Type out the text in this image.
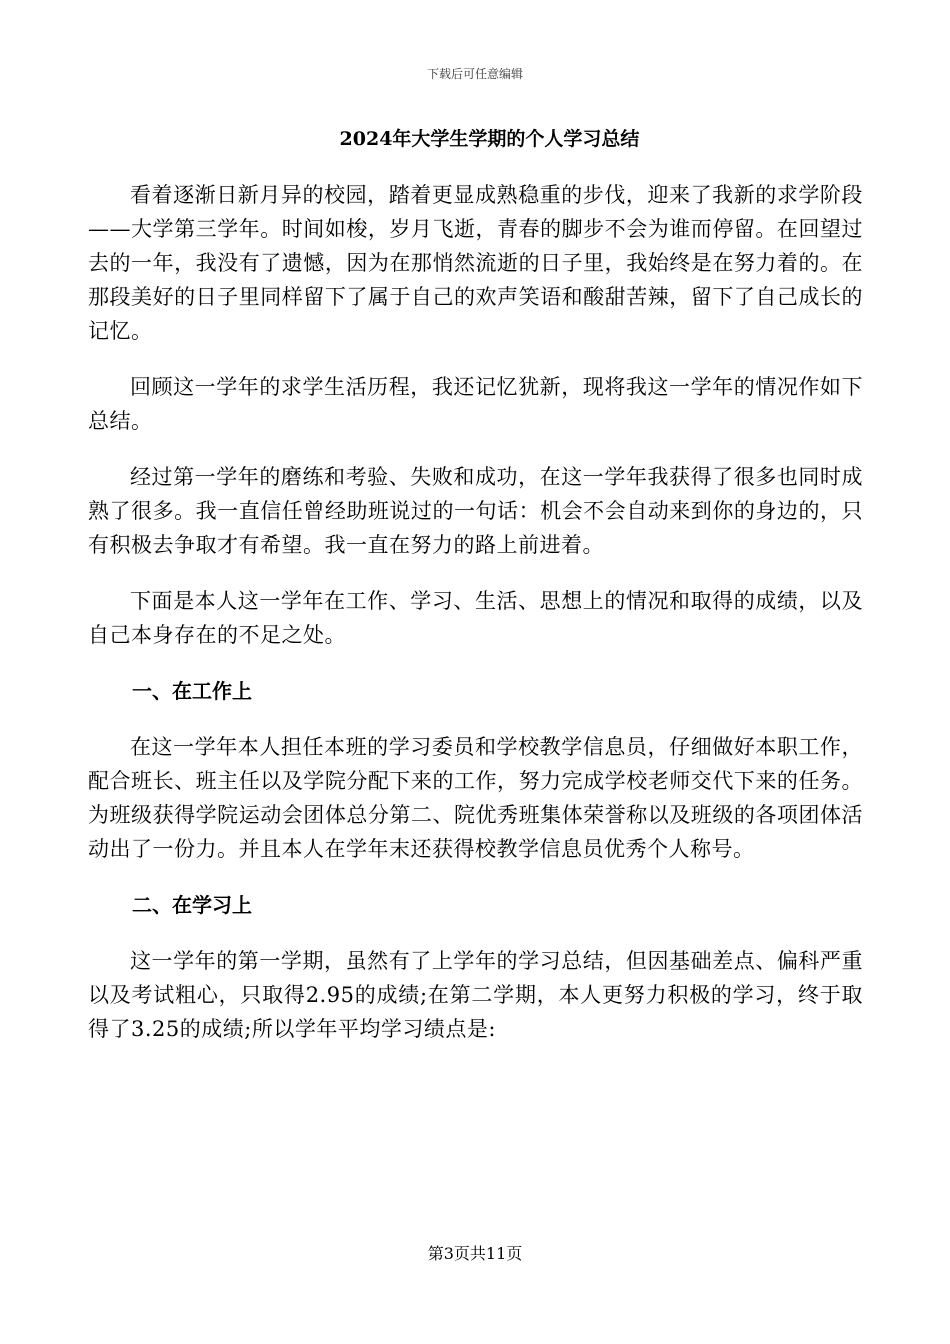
下载后可任意编辑
2024年大学生学期的个人学习总结

看着逐渐日新月异的校园，踏着更显成熟稳重的步伐，迎来了我新的求学阶段——大学第三学年。时间如梭，岁月飞逝，青春的脚步不会为谁而停留。在回望过去的一年，我没有了遗憾，因为在那悄然流逝的日子里，我始终是在努力着的。在那段美好的日子里同样留下了属于自己的欢声笑语和酸甜苦辣，留下了自己成长的记忆。

回顾这一学年的求学生活历程，我还记忆犹新，现将我这一学年的情况作如下总结。

经过第一学年的磨练和考验、失败和成功，在这一学年我获得了很多也同时成熟了很多。我一直信任曾经助班说过的一句话：机会不会自动来到你的身边的，只有积极去争取才有希望。我一直在努力的路上前进着。

下面是本人这一学年在工作、学习、生活、思想上的情况和取得的成绩，以及自己本身存在的不足之处。

一、在工作上

在这一学年本人担任本班的学习委员和学校教学信息员，仔细做好本职工作，配合班长、班主任以及学院分配下来的工作，努力完成学校老师交代下来的任务。为班级获得学院运动会团体总分第二、院优秀班集体荣誉称以及班级的各项团体活动出了一份力。并且本人在学年末还获得校教学信息员优秀个人称号。

二、在学习上

这一学年的第一学期，虽然有了上学年的学习总结，但因基础差点、偏科严重以及考试粗心，只取得2.95的成绩;在第二学期，本人更努力积极的学习，终于取得了3.25的成绩;所以学年平均学习绩点是:

第3页共11页
